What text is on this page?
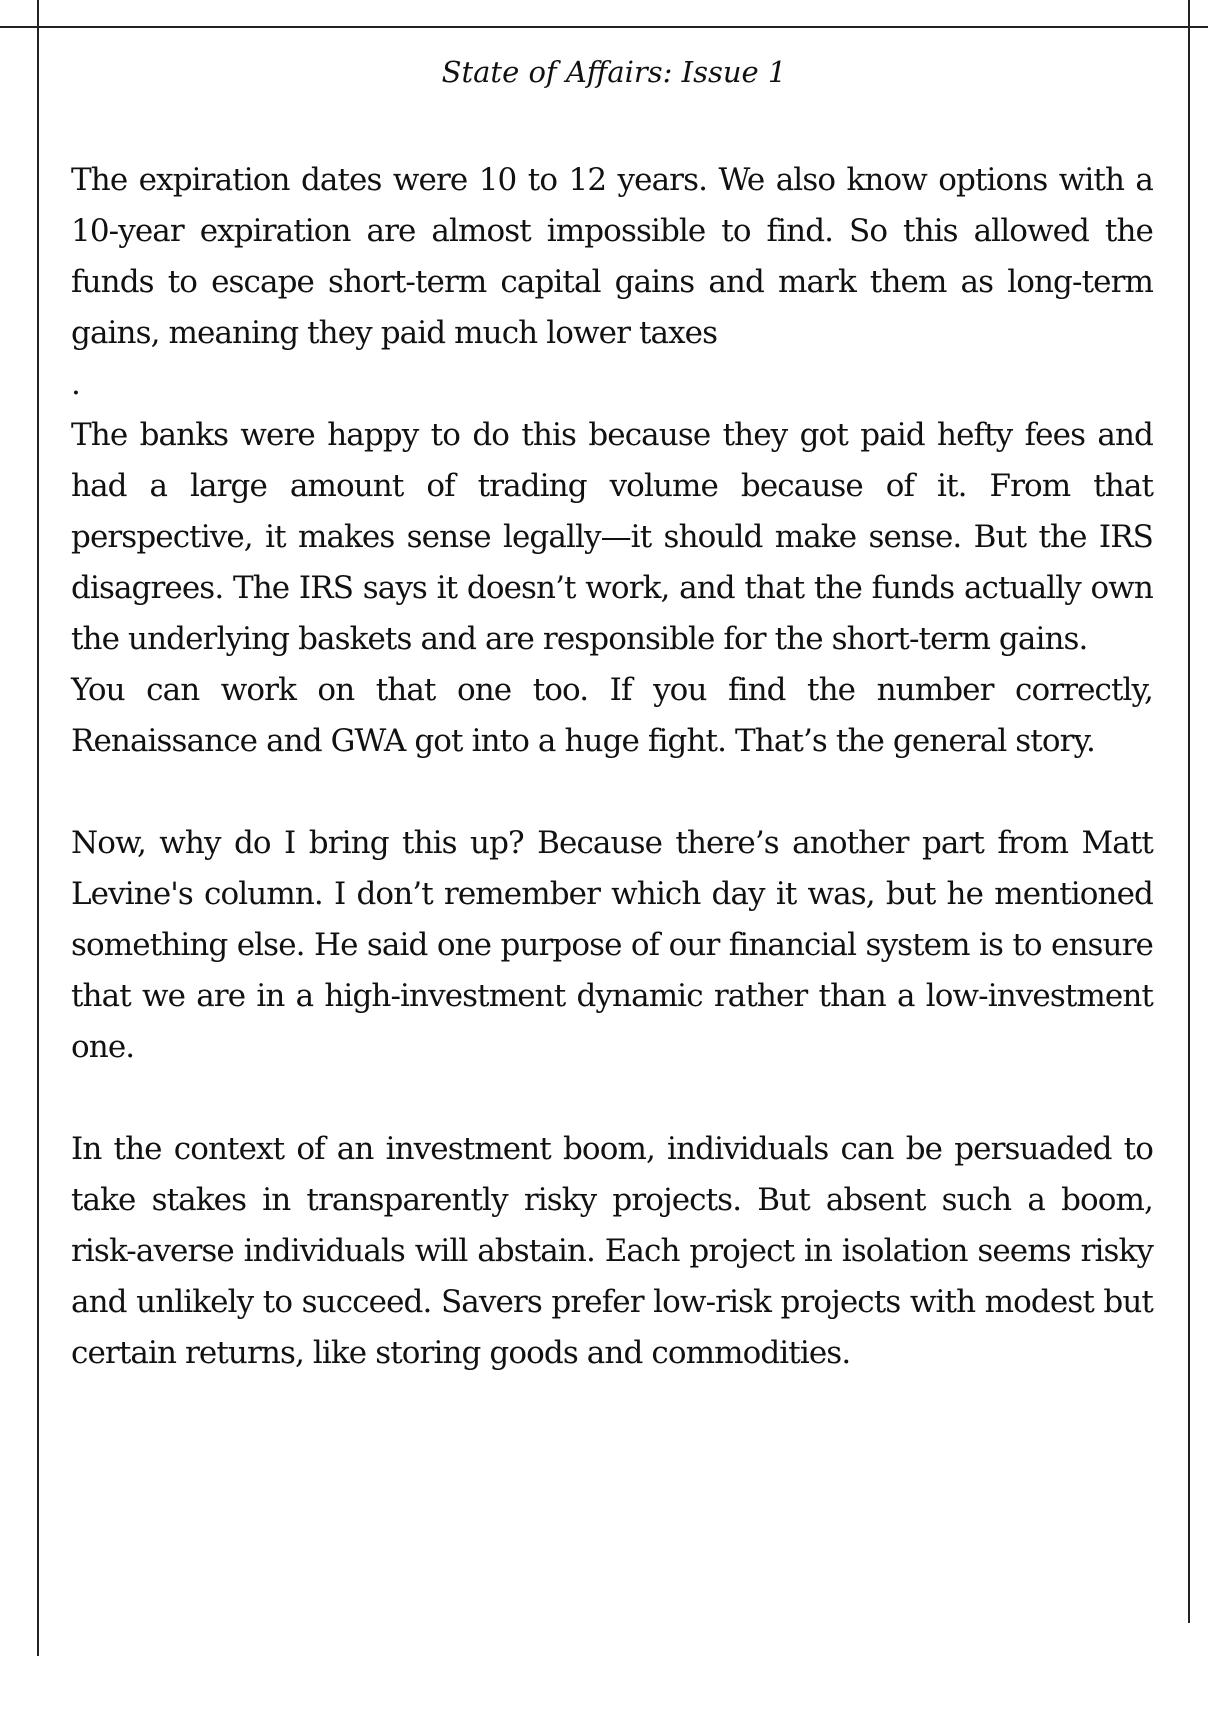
State of Affairs: Issue 1

The expiration dates were 10 to 12 years. We also know options with a 10-year expiration are almost impossible to find. So this allowed the funds to escape short-term capital gains and mark them as long-term gains, meaning they paid much lower taxes

.

The banks were happy to do this because they got paid hefty fees and had a large amount of trading volume because of it. From that perspective, it makes sense legally—it should make sense. But the IRS disagrees. The IRS says it doesn’t work, and that the funds actually own the underlying baskets and are responsible for the short-term gains.

You can work on that one too. If you find the number correctly, Renaissance and GWA got into a huge fight. That’s the general story.

Now, why do I bring this up? Because there’s another part from Matt Levine's column. I don’t remember which day it was, but he mentioned something else. He said one purpose of our financial system is to ensure that we are in a high-investment dynamic rather than a low-investment one.

In the context of an investment boom, individuals can be persuaded to take stakes in transparently risky projects. But absent such a boom, risk-averse individuals will abstain. Each project in isolation seems risky and unlikely to succeed. Savers prefer low-risk projects with modest but certain returns, like storing goods and commodities.
